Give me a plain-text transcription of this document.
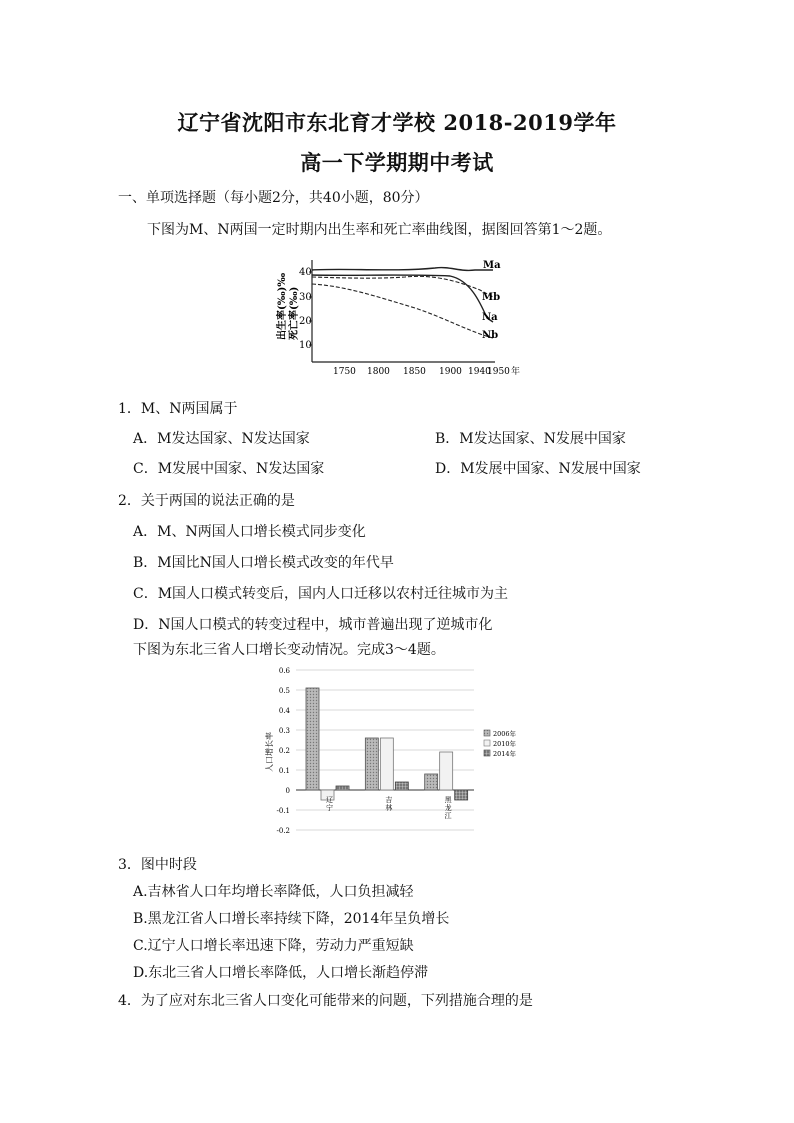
辽宁省沈阳市东北育才学校 2018-2019学年
高一下学期期中考试
一、单项选择题（每小题2分，共40小题，80分）
下图为M、N两国一定时期内出生率和死亡率曲线图，据图回答第1～2题。
出生率(‰)‰ 死亡率(‰)
40
30
20
10
1750 1800 1850 1900 1940
1950 年
Ma
Mb
Na
Nb
1．M、N两国属于
A．M发达国家、N发达国家	B．M发达国家、N发展中国家
C．M发展中国家、N发达国家	D．M发展中国家、N发展中国家
2．关于两国的说法正确的是
A．M、N两国人口增长模式同步变化
B．M国比N国人口增长模式改变的年代早
C．M国人口模式转变后，国内人口迁移以农村迁往城市为主
D．N国人口模式的转变过程中，城市普遍出现了逆城市化
下图为东北三省人口增长变动情况。完成3～4题。
0.6
0.5
0.4
0.3
0.2
0.1
0
-0.1
-0.2
辽
宁
吉
林
黑
龙
江
人口增长率	2006年
2010年
2014年
3．图中时段
A.吉林省人口年均增长率降低，人口负担减轻
B.黑龙江省人口增长率持续下降，2014年呈负增长
C.辽宁人口增长率迅速下降，劳动力严重短缺
D.东北三省人口增长率降低，人口增长渐趋停滞
4．为了应对东北三省人口变化可能带来的问题，下列措施合理的是
